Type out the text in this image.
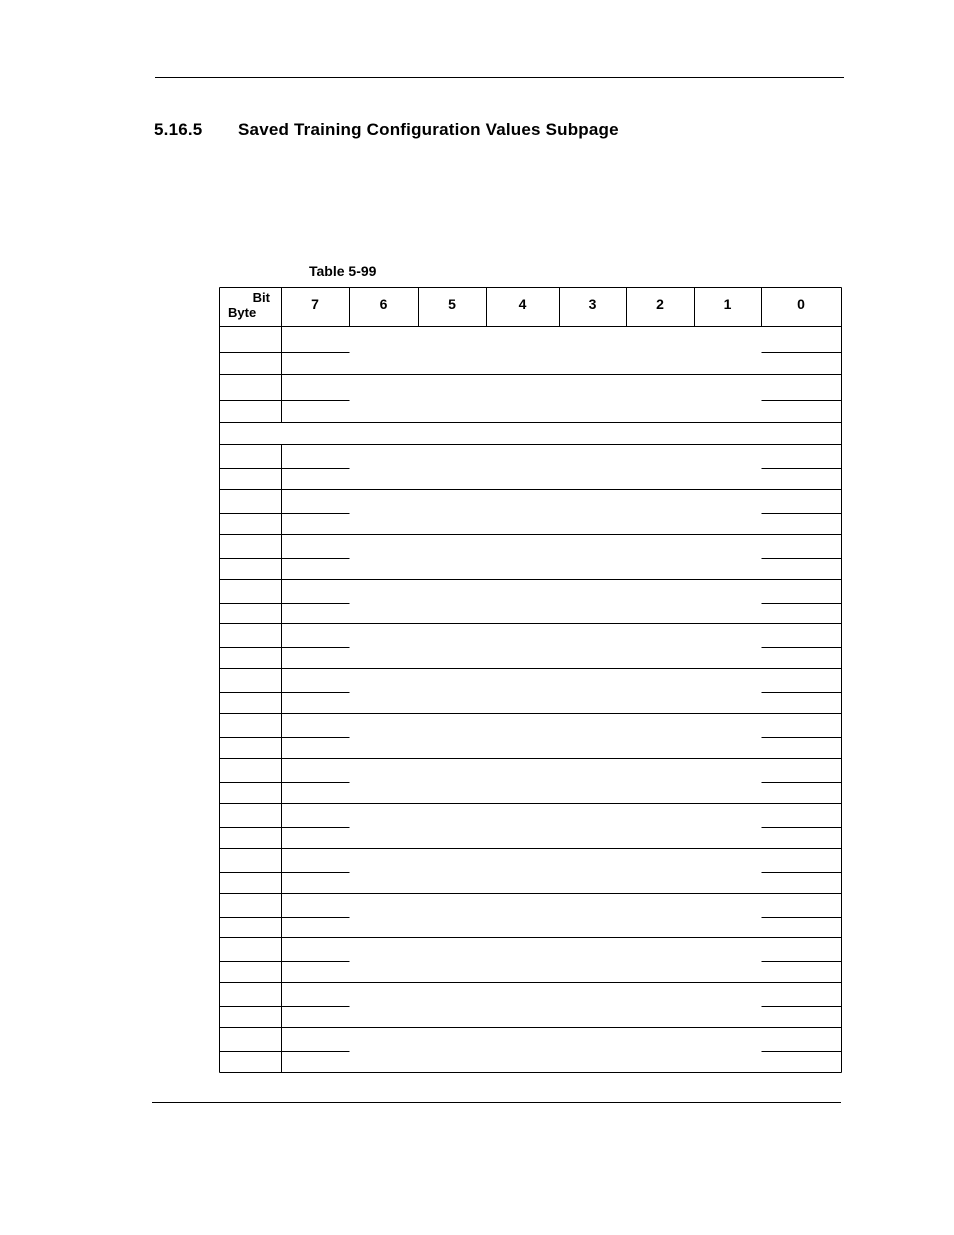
5.16.5 Saved Training Configuration Values Subpage
Table 5-99
Bit
Byte
7	6	5	4	3	2	1	0
